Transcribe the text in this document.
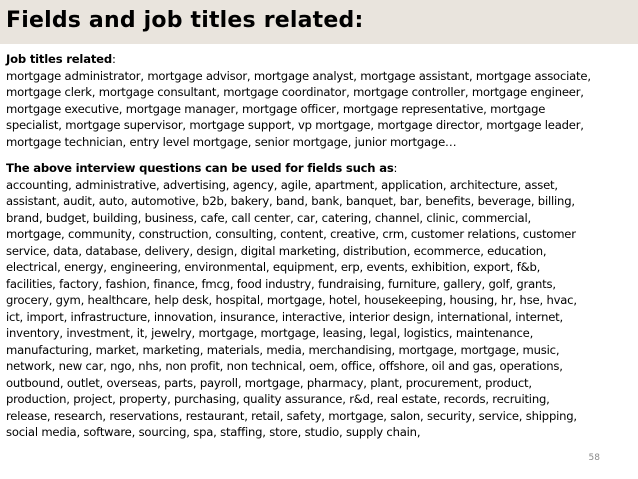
Fields and job titles related:
Job titles related:
mortgage administrator, mortgage advisor, mortgage analyst, mortgage assistant, mortgage associate,
mortgage clerk, mortgage consultant, mortgage coordinator, mortgage controller, mortgage engineer,
mortgage executive, mortgage manager, mortgage officer, mortgage representative, mortgage
specialist, mortgage supervisor, mortgage support, vp mortgage, mortgage director, mortgage leader,
mortgage technician, entry level mortgage, senior mortgage, junior mortgage…
The above interview questions can be used for fields such as:
accounting, administrative, advertising, agency, agile, apartment, application, architecture, asset,
assistant, audit, auto, automotive, b2b, bakery, band, bank, banquet, bar, benefits, beverage, billing,
brand, budget, building, business, cafe, call center, car, catering, channel, clinic, commercial,
mortgage, community, construction, consulting, content, creative, crm, customer relations, customer
service, data, database, delivery, design, digital marketing, distribution, ecommerce, education,
electrical, energy, engineering, environmental, equipment, erp, events, exhibition, export, f&b,
facilities, factory, fashion, finance, fmcg, food industry, fundraising, furniture, gallery, golf, grants,
grocery, gym, healthcare, help desk, hospital, mortgage, hotel, housekeeping, housing, hr, hse, hvac,
ict, import, infrastructure, innovation, insurance, interactive, interior design, international, internet,
inventory, investment, it, jewelry, mortgage, mortgage, leasing, legal, logistics, maintenance,
manufacturing, market, marketing, materials, media, merchandising, mortgage, mortgage, music,
network, new car, ngo, nhs, non profit, non technical, oem, office, offshore, oil and gas, operations,
outbound, outlet, overseas, parts, payroll, mortgage, pharmacy, plant, procurement, product,
production, project, property, purchasing, quality assurance, r&d, real estate, records, recruiting,
release, research, reservations, restaurant, retail, safety, mortgage, salon, security, service, shipping,
social media, software, sourcing, spa, staffing, store, studio, supply chain,
58
